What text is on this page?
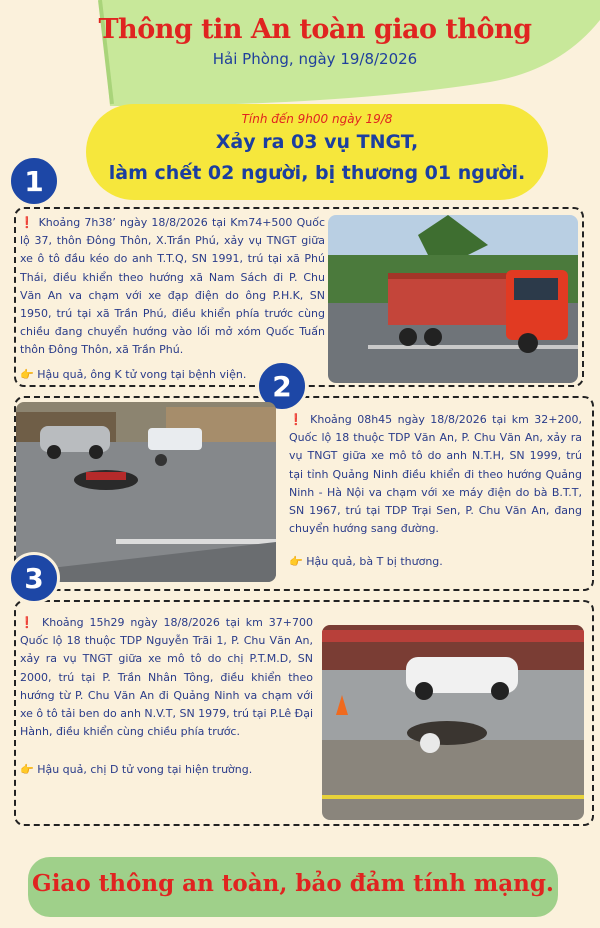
Thông tin An toàn giao thông
Hải Phòng, ngày 19/8/2026
Tính đến 9h00 ngày 19/8
Xảy ra 03 vụ TNGT,
làm chết 02 người, bị thương 01 người.
1
❗ Khoảng 7h38’ ngày 18/8/2026 tại Km74+500 Quốc lộ 37, thôn Đông Thôn, X.Trần Phú, xảy vụ TNGT giữa xe ô tô đầu kéo do anh T.T.Q, SN 1991, trú tại xã Phú Thái, điều khiển theo hướng xã Nam Sách đi P. Chu Văn An va chạm với xe đạp điện do ông P.H.K, SN 1950, trú tại xã Trần Phú, điều khiển phía trước cùng chiều đang chuyển hướng vào lối mở xóm Quốc Tuấn thôn Đông Thôn, xã Trần Phú.
👉 Hậu quả, ông K tử vong tại bệnh viện. 2
❗ Khoảng 08h45 ngày 18/8/2026 tại km 32+200, Quốc lộ 18 thuộc TDP Văn An, P. Chu Văn An, xảy ra vụ TNGT giữa xe mô tô do anh N.T.H, SN 1999, trú tại tỉnh Quảng Ninh điều khiển đi theo hướng Quảng Ninh - Hà Nội va chạm với xe máy điện do bà B.T.T, SN 1967, trú tại TDP Trại Sen, P. Chu Văn An, đang chuyển hướng sang đường.
👉 Hậu quả, bà T bị thương.
3
❗ Khoảng 15h29 ngày 18/8/2026 tại km 37+700 Quốc lộ 18 thuộc TDP Nguyễn Trãi 1, P. Chu Văn An, xảy ra vụ TNGT giữa xe mô tô do chị P.T.M.D, SN 2000, trú tại P. Trần Nhân Tông, điều khiển theo hướng từ P. Chu Văn An đi Quảng Ninh va chạm với xe ô tô tải ben do anh N.V.T, SN 1979, trú tại P.Lê Đại Hành, điều khiển cùng chiều phía trước.
👉 Hậu quả, chị D tử vong tại hiện trường.
Giao thông an toàn, bảo đảm tính mạng.
